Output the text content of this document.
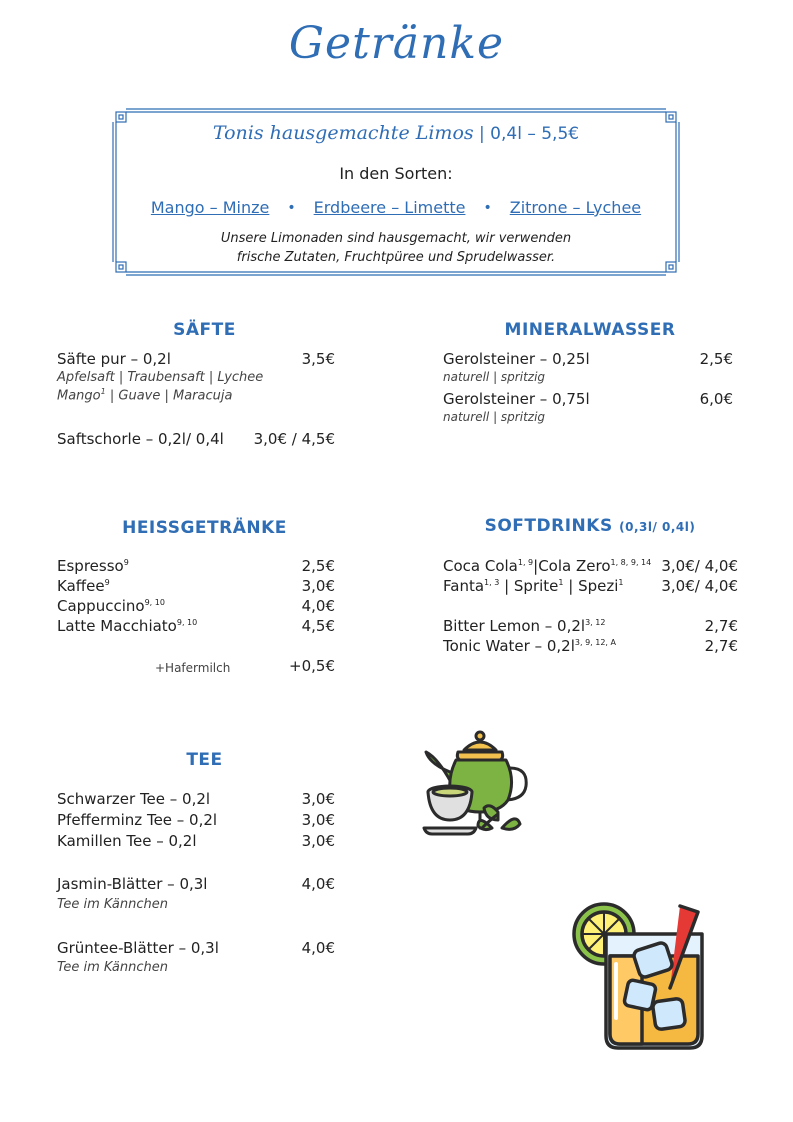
Getränke
Tonis hausgemachte Limos | 0,4l – 5,5€
In den Sorten:
Mango – Minze • Erdbeere – Limette • Zitrone – Lychee
Unsere Limonaden sind hausgemacht, wir verwenden
frische Zutaten, Fruchtpüree und Sprudelwasser.
SÄFTE
Säfte pur – 0,2l	3,5€
Apfelsaft | Traubensaft | Lychee
Mango$^1$ | Guave | Maracuja
Saftschorle – 0,2l/ 0,4l	3,0€ / 4,5€
MINERALWASSER
Gerolsteiner – 0,25l	2,5€
naturell | spritzig
Gerolsteiner – 0,75l	6,0€
naturell | spritzig
HEISSGETRÄNKE
Espresso$^9$	2,5€
Kaffee$^9$	3,0€
Cappuccino$^{9, 10}$	4,0€
Latte Macchiato$^{9, 10}$	4,5€
+Hafermilch	+0,5€
SOFTDRINKS (0,3l/ 0,4l)
Coca Cola$^{1, 9}$|Cola Zero$^{1, 8, 9, 14}$ 3,0€/ 4,0€
Fanta$^{1, 3}$ | Sprite$^1$ | Spezi$^1$	3,0€/ 4,0€
Bitter Lemon – $0,2l^{3, 12}$	2,7€
Tonic Water – $0,2l^{3, 9, 12, A}$	2,7€
TEE
Schwarzer Tee – 0,2l	3,0€
Pfefferminz Tee – 0,2l	3,0€
Kamillen Tee – 0,2l	3,0€
Jasmin-Blätter – 0,3l	4,0€
Tee im Kännchen
Grüntee-Blätter – 0,3l	4,0€
Tee im Kännchen
